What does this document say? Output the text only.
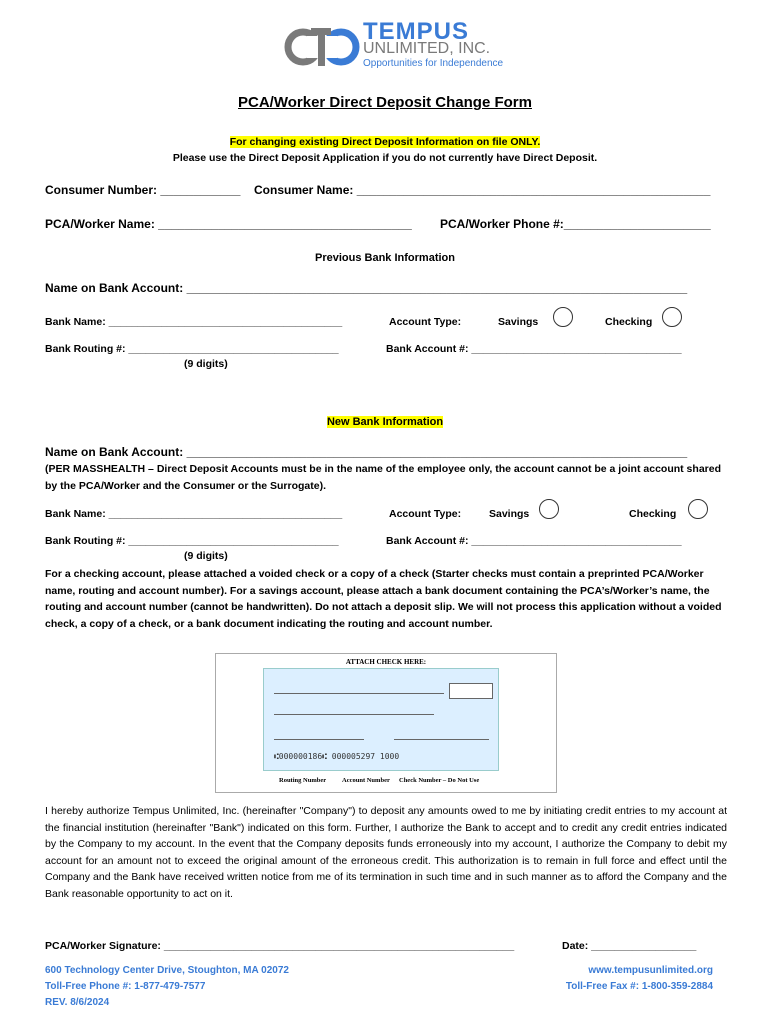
TEMPUS
UNLIMITED, INC.
Opportunities for Independence
PCA/Worker Direct Deposit Change Form
For changing existing Direct Deposit Information on file ONLY.
Please use the Direct Deposit Application if you do not currently have Direct Deposit.
Consumer Number: ____________ Consumer Name: _____________________________________________________
PCA/Worker Name: ______________________________________ PCA/Worker Phone #:______________________
Previous Bank Information
Name on Bank Account: ___________________________________________________________________________
Bank Name: ________________________________________	Account Type:	Savings	Checking
Bank Routing #: ____________________________________	Bank Account #: ____________________________________
(9 digits)
New Bank Information
Name on Bank Account: ___________________________________________________________________________
(PER MASSHEALTH – Direct Deposit Accounts must be in the name of the employee only, the account cannot be a joint account shared by the PCA/Worker and the Consumer or the Surrogate).
Bank Name: ________________________________________	Account Type:	Savings	Checking
Bank Routing #: ____________________________________	Bank Account #: ____________________________________
(9 digits)
For a checking account, please attached a voided check or a copy of a check (Starter checks must contain a preprinted PCA/Worker name, routing and account number). For a savings account, please attach a bank document containing the PCA’s/Worker’s name, the routing and account number (cannot be handwritten). Do not attach a deposit slip. We will not process this application without a voided check, a copy of a check, or a bank document indicating the routing and account number.
ATTACH CHECK HERE:
⑆000000186⑆ 000005297 1000
Routing Number Account Number Check Number – Do Not Use
I hereby authorize Tempus Unlimited, Inc. (hereinafter "Company") to deposit any amounts owed to me by initiating credit entries to my account at the financial institution (hereinafter "Bank") indicated on this form. Further, I authorize the Bank to accept and to credit any credit entries indicated by the Company to my account. In the event that the Company deposits funds erroneously into my account, I authorize the Company to debit my account for an amount not to exceed the original amount of the erroneous credit. This authorization is to remain in full force and effect until the Company and the Bank have received written notice from me of its termination in such time and in such manner as to afford the Company and the Bank reasonable opportunity to act on it.
PCA/Worker Signature: ____________________________________________________________	Date: __________________
600 Technology Center Drive, Stoughton, MA 02072
Toll-Free Phone #: 1-877-479-7577
REV. 8/6/2024
www.tempusunlimited.org
Toll-Free Fax #: 1-800-359-2884
